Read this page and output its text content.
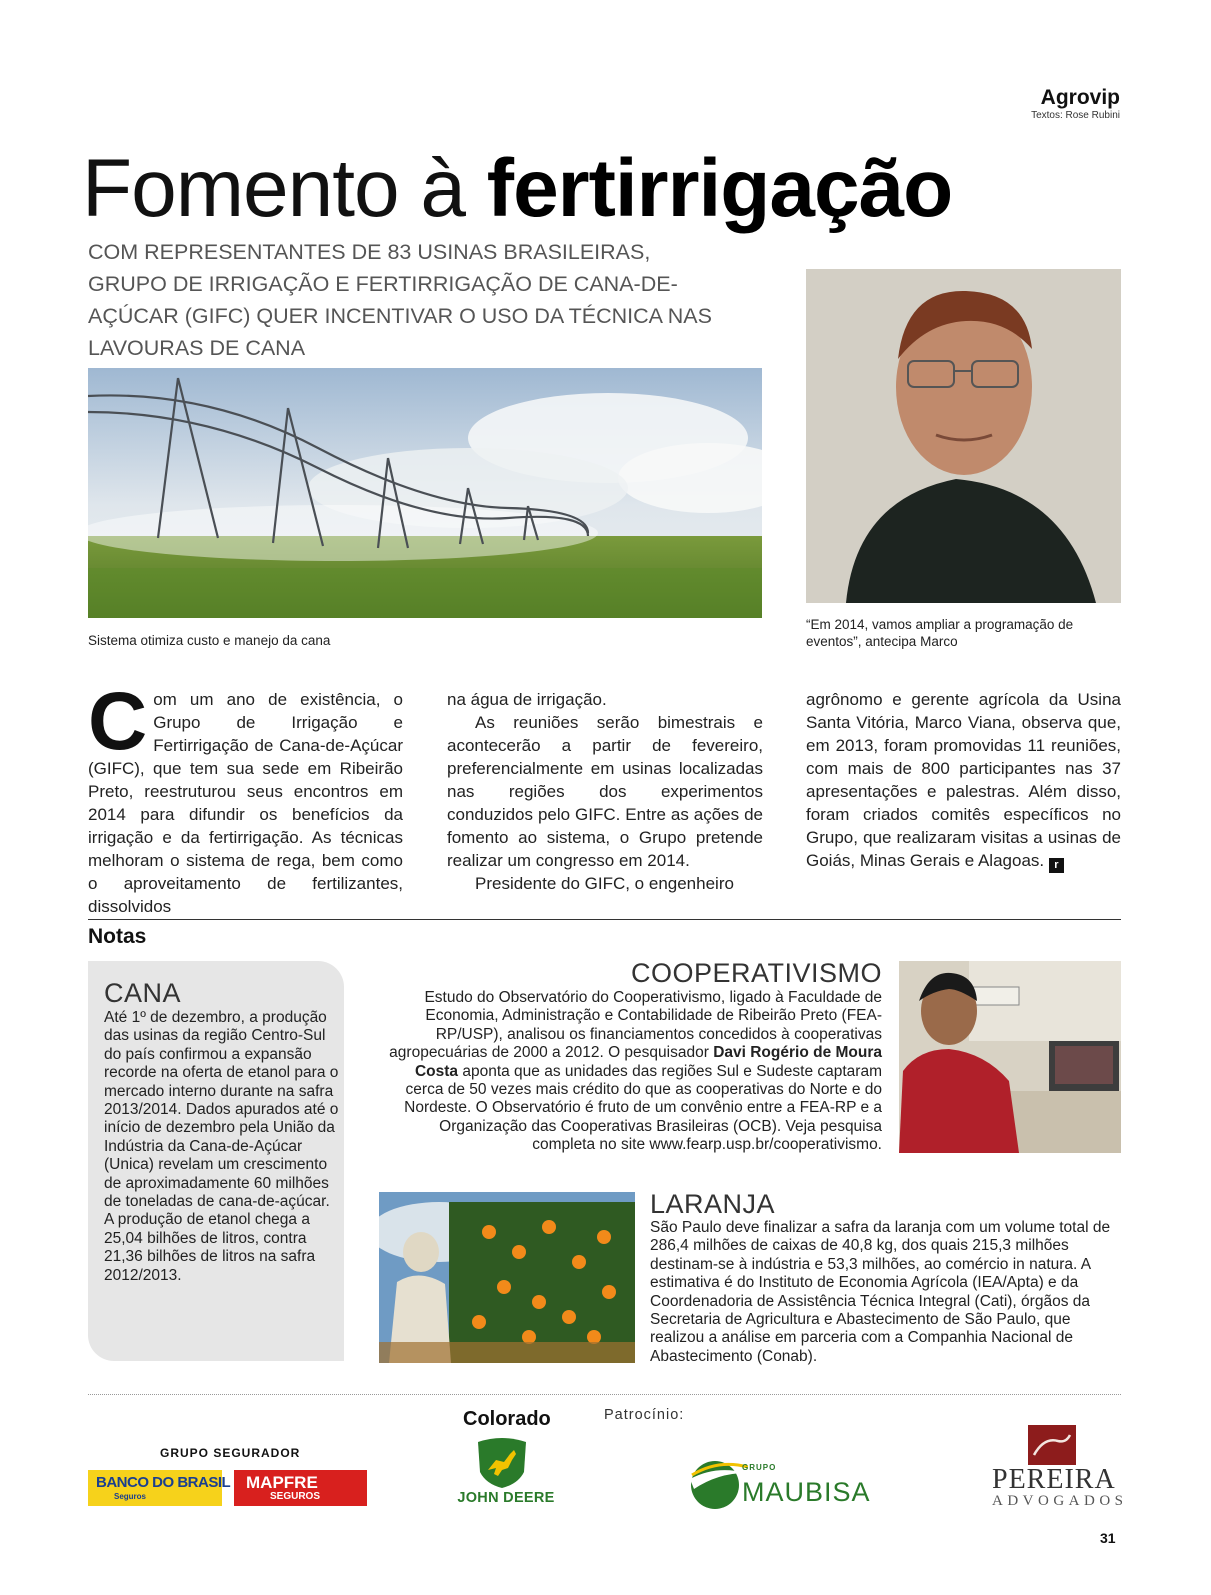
Agrovip
Textos: Rose Rubini
Fomento à fertirrigação
COM REPRESENTANTES DE 83 USINAS BRASILEIRAS, GRUPO DE IRRIGAÇÃO E FERTIRRIGAÇÃO DE CANA-DE-AÇÚCAR (GIFC) QUER INCENTIVAR O USO DA TÉCNICA NAS LAVOURAS DE CANA
Sistema otimiza custo e manejo da cana
“Em 2014, vamos ampliar a programação de eventos”, antecipa Marco
C om um ano de existência, o Grupo de Irrigação e Fertirrigação de Cana-de-Açúcar (GIFC), que tem sua sede em Ribeirão Preto, reestruturou seus encontros em 2014 para difundir os benefícios da irrigação e da fertirrigação. As técnicas melhoram o sistema de rega, bem como o aproveitamento de fertilizantes, dissolvidos

na água de irrigação.

As reuniões serão bimestrais e acontecerão a partir de fevereiro, preferencialmente em usinas localizadas nas regiões dos experimentos conduzidos pelo GIFC. Entre as ações de fomento ao sistema, o Grupo pretende realizar um congresso em 2014.

Presidente do GIFC, o engenheiro

agrônomo e gerente agrícola da Usina Santa Vitória, Marco Viana, observa que, em 2013, foram promovidas 11 reuniões, com mais de 800 participantes nas 37 apresentações e palestras. Além disso, foram criados comitês específicos no Grupo, que realizaram visitas a usinas de Goiás, Minas Gerais e Alagoas. r
Notas
CANA
Até 1º de dezembro, a produção das usinas da região Centro-Sul do país confirmou a expansão recorde na oferta de etanol para o mercado interno durante na safra 2013/2014. Dados apurados até o início de dezembro pela União da Indústria da Cana-de-Açúcar (Unica) revelam um crescimento de aproximadamente 60 milhões de toneladas de cana-de-açúcar. A produção de etanol chega a 25,04 bilhões de litros, contra 21,36 bilhões de litros na safra 2012/2013.
COOPERATIVISMO
Estudo do Observatório do Cooperativismo, ligado à Faculdade de Economia, Administração e Contabilidade de Ribeirão Preto (FEA-RP/USP), analisou os financiamentos concedidos à cooperativas agropecuárias de 2000 a 2012. O pesquisador Davi Rogério de Moura Costa aponta que as unidades das regiões Sul e Sudeste captaram cerca de 50 vezes mais crédito do que as cooperativas do Norte e do Nordeste. O Observatório é fruto de um convênio entre a FEA-RP e a Organização das Cooperativas Brasileiras (OCB). Veja pesquisa completa no site www.fearp.usp.br/cooperativismo.
LARANJA
São Paulo deve finalizar a safra da laranja com um volume total de 286,4 milhões de caixas de 40,8 kg, dos quais 215,3 milhões destinam-se à indústria e 53,3 milhões, ao comércio in natura. A estimativa é do Instituto de Economia Agrícola (IEA/Apta) e da Coordenadoria de Assistência Técnica Integral (Cati), órgãos da Secretaria de Agricultura e Abastecimento de São Paulo, que realizou a análise em parceria com a Companhia Nacional de Abastecimento (Conab).
GRUPO SEGURADOR
BANCO DO BRASIL
Seguros
MAPFRE
SEGUROS
Colorado
JOHN DEERE
Patrocínio:
GRUPO
MAUBISA	PEREIRA
ADVOGADOS
31
